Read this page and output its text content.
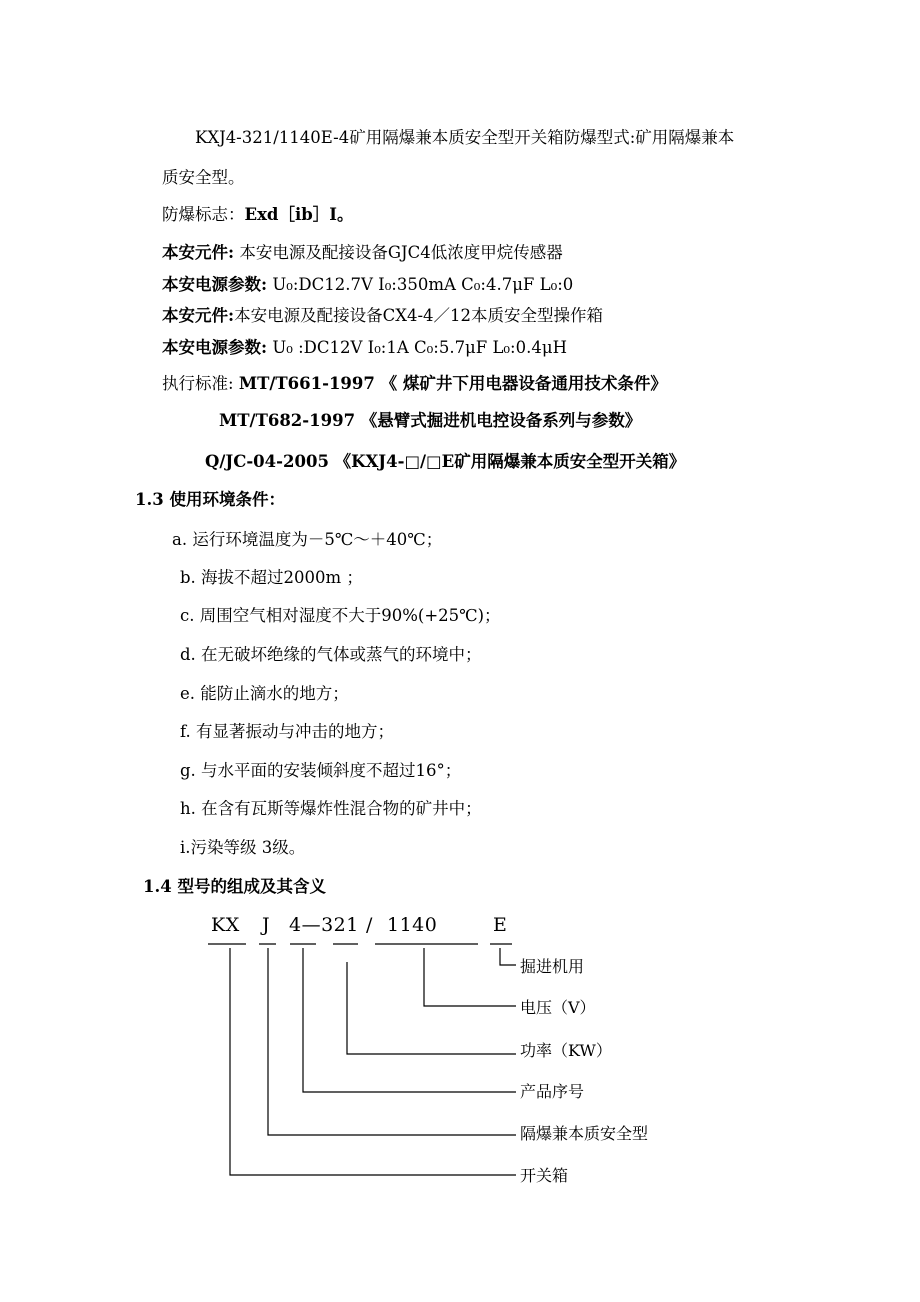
KXJ4-321/1140E-4矿用隔爆兼本质安全型开关箱防爆型式:矿用隔爆兼本
质安全型。
防爆标志：Exd［ib］I。
本安元件: 本安电源及配接设备GJC4低浓度甲烷传感器
本安电源参数: U₀:DC12.7V I₀:350mA C₀:4.7μF L₀:0
本安元件:本安电源及配接设备CX4-4／12本质安全型操作箱
本安电源参数: U₀ :DC12V I₀:1A C₀:5.7μF L₀:0.4μH
执行标准: MT/T661-1997 《 煤矿井下用电器设备通用技术条件》
MT/T682-1997 《悬臂式掘进机电控设备系列与参数》
Q/JC-04-2005 《KXJ4-□/□E矿用隔爆兼本质安全型开关箱》
1.3 使用环境条件：
a. 运行环境温度为－5℃～＋40℃；
b. 海拔不超过2000m ；
c. 周围空气相对湿度不大于90%(+25℃)；
d. 在无破坏绝缘的气体或蒸气的环境中；
e. 能防止滴水的地方；
f. 有显著振动与冲击的地方；
g. 与水平面的安装倾斜度不超过16°；
h. 在含有瓦斯等爆炸性混合物的矿井中；
i.污染等级 3级。
1.4 型号的组成及其含义
KX J 4—321 / 1140	E
掘进机用
电压（V）
功率（KW）
产品序号
隔爆兼本质安全型
开关箱
